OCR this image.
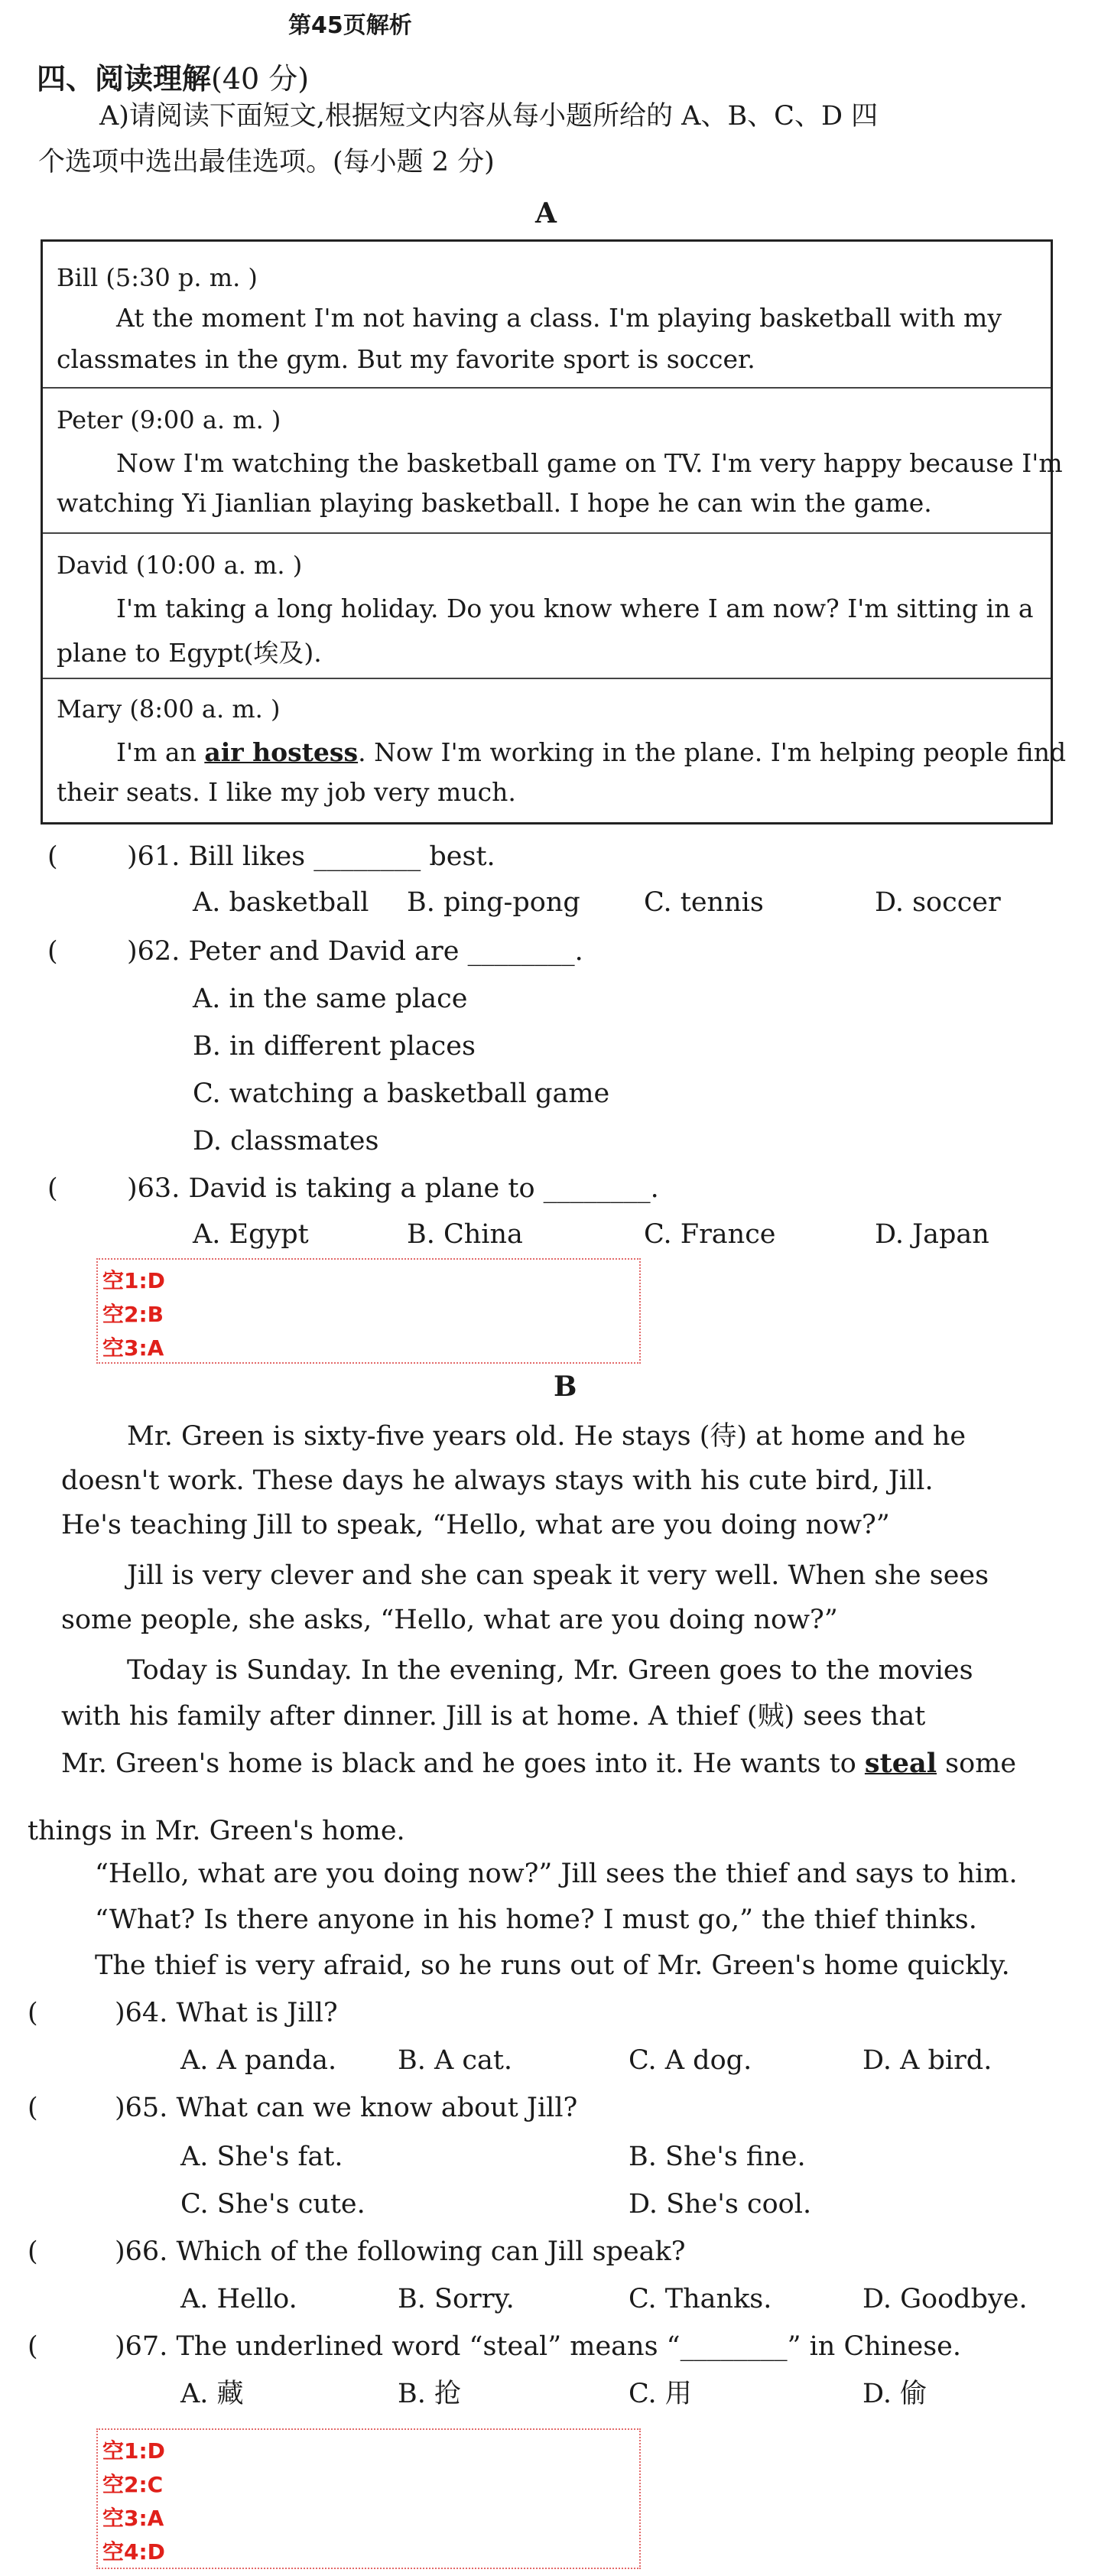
第45页解析
四、阅读理解(40 分)
A)请阅读下面短文,根据短文内容从每小题所给的 A、B、C、D 四
个选项中选出最佳选项。(每小题 2 分)
A
Bill (5:30 p. m. )
At the moment I'm not having a class. I'm playing basketball with my
classmates in the gym. But my favorite sport is soccer.
Peter (9:00 a. m. )
Now I'm watching the basketball game on TV. I'm very happy because I'm
watching Yi Jianlian playing basketball. I hope he can win the game.
David (10:00 a. m. )
I'm taking a long holiday. Do you know where I am now? I'm sitting in a
plane to Egypt(埃及).
Mary (8:00 a. m. )
I'm an air hostess. Now I'm working in the plane. I'm helping people find
their seats. I like my job very much.
(	)61. Bill likes ________ best.
A. basketball B. ping-pong C. tennis	D. soccer
(	)62. Peter and David are ________.
A. in the same place
B. in different places
C. watching a basketball game
D. classmates
(	)63. David is taking a plane to ________.
A. Egypt	B. China	C. France	D. Japan
空1:D
空2:B
空3:A
B
Mr. Green is sixty-five years old. He stays (待) at home and he
doesn't work. These days he always stays with his cute bird, Jill.
He's teaching Jill to speak, “Hello, what are you doing now?”
Jill is very clever and she can speak it very well. When she sees
some people, she asks, “Hello, what are you doing now?”
Today is Sunday. In the evening, Mr. Green goes to the movies
with his family after dinner. Jill is at home. A thief (贼) sees that
Mr. Green's home is black and he goes into it. He wants to steal some
things in Mr. Green's home.
“Hello, what are you doing now?” Jill sees the thief and says to him.
“What? Is there anyone in his home? I must go,” the thief thinks.
The thief is very afraid, so he runs out of Mr. Green's home quickly.
(	)64. What is Jill?
A. A panda. B. A cat.	C. A dog.	D. A bird.
(	)65. What can we know about Jill?
A. She's fat.	B. She's fine.
C. She's cute.	D. She's cool.
(	)66. Which of the following can Jill speak?
A. Hello.	B. Sorry.	C. Thanks.	D. Goodbye.
(	)67. The underlined word “steal” means “________” in Chinese.
A. 藏	B. 抢	C. 用	D. 偷
空1:D
空2:C
空3:A
空4:D
